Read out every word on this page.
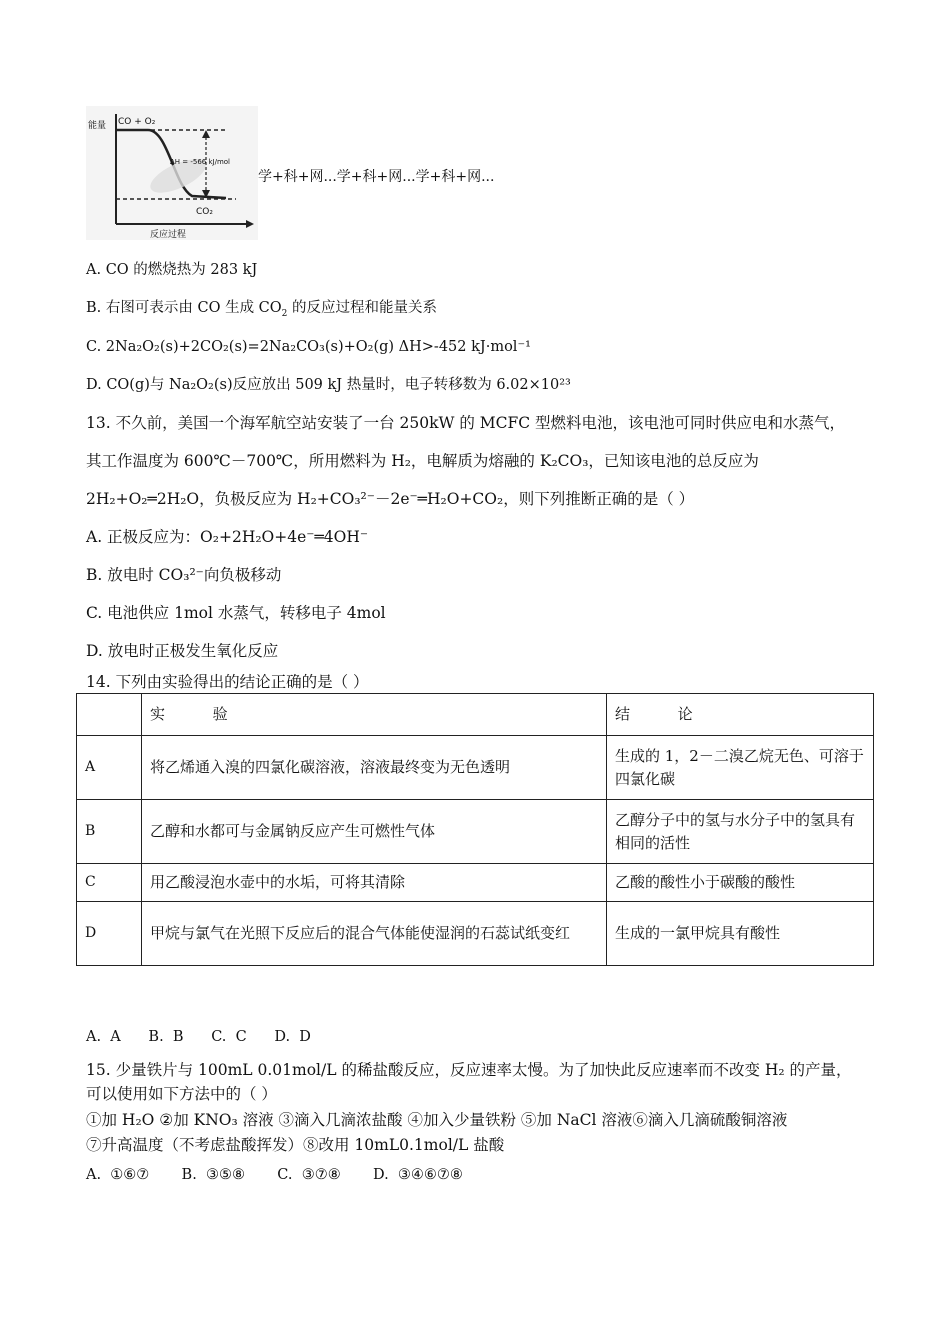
能量 CO + O₂
ΔH = -566 kJ/mol
CO₂
反应过程
学+科+网...学+科+网...学+科+网...
A. CO 的燃烧热为 283 kJ
B. 右图可表示由 CO 生成 $CO_2$ 的反应过程和能量关系
C. 2Na₂O₂(s)+2CO₂(s)=2Na₂CO₃(s)+O₂(g) ΔH>-452 kJ·mol⁻¹
D. CO(g)与 Na₂O₂(s)反应放出 509 kJ 热量时，电子转移数为 6.02×10²³
13. 不久前，美国一个海军航空站安装了一台 250kW 的 MCFC 型燃料电池，该电池可同时供应电和水蒸气，
其工作温度为 600℃－700℃，所用燃料为 H₂，电解质为熔融的 K₂CO₃，已知该电池的总反应为
2H₂+O₂═2H₂O，负极反应为 H₂+CO₃²⁻－2e⁻═H₂O+CO₂，则下列推断正确的是（ ）
A. 正极反应为：O₂+2H₂O+4e⁻═4OH⁻
B. 放电时 CO₃²⁻向负极移动
C. 电池供应 1mol 水蒸气，转移电子 4mol
D. 放电时正极发生氧化反应
14. 下列由实验得出的结论正确的是（ ）
	实          验	结          论
A	将乙烯通入溴的四氯化碳溶液，溶液最终变为无色透明	生成的 1，2－二溴乙烷无色、可溶于四氯化碳
B	乙醇和水都可与金属钠反应产生可燃性气体	乙醇分子中的氢与水分子中的氢具有相同的活性
C	用乙酸浸泡水壶中的水垢，可将其清除	乙酸的酸性小于碳酸的酸性
D	甲烷与氯气在光照下反应后的混合气体能使湿润的石蕊试纸变红	生成的一氯甲烷具有酸性
A.  A      B.  B      C.  C      D.  D
15. 少量铁片与 100mL 0.01mol/L 的稀盐酸反应，反应速率太慢。为了加快此反应速率而不改变 H₂ 的产量，
可以使用如下方法中的（ ）
①加 H₂O ②加 KNO₃ 溶液 ③滴入几滴浓盐酸 ④加入少量铁粉 ⑤加 NaCl 溶液⑥滴入几滴硫酸铜溶液
⑦升高温度（不考虑盐酸挥发）⑧改用 10mL0.1mol/L 盐酸
A.  ①⑥⑦       B.  ③⑤⑧       C.  ③⑦⑧       D.  ③④⑥⑦⑧
